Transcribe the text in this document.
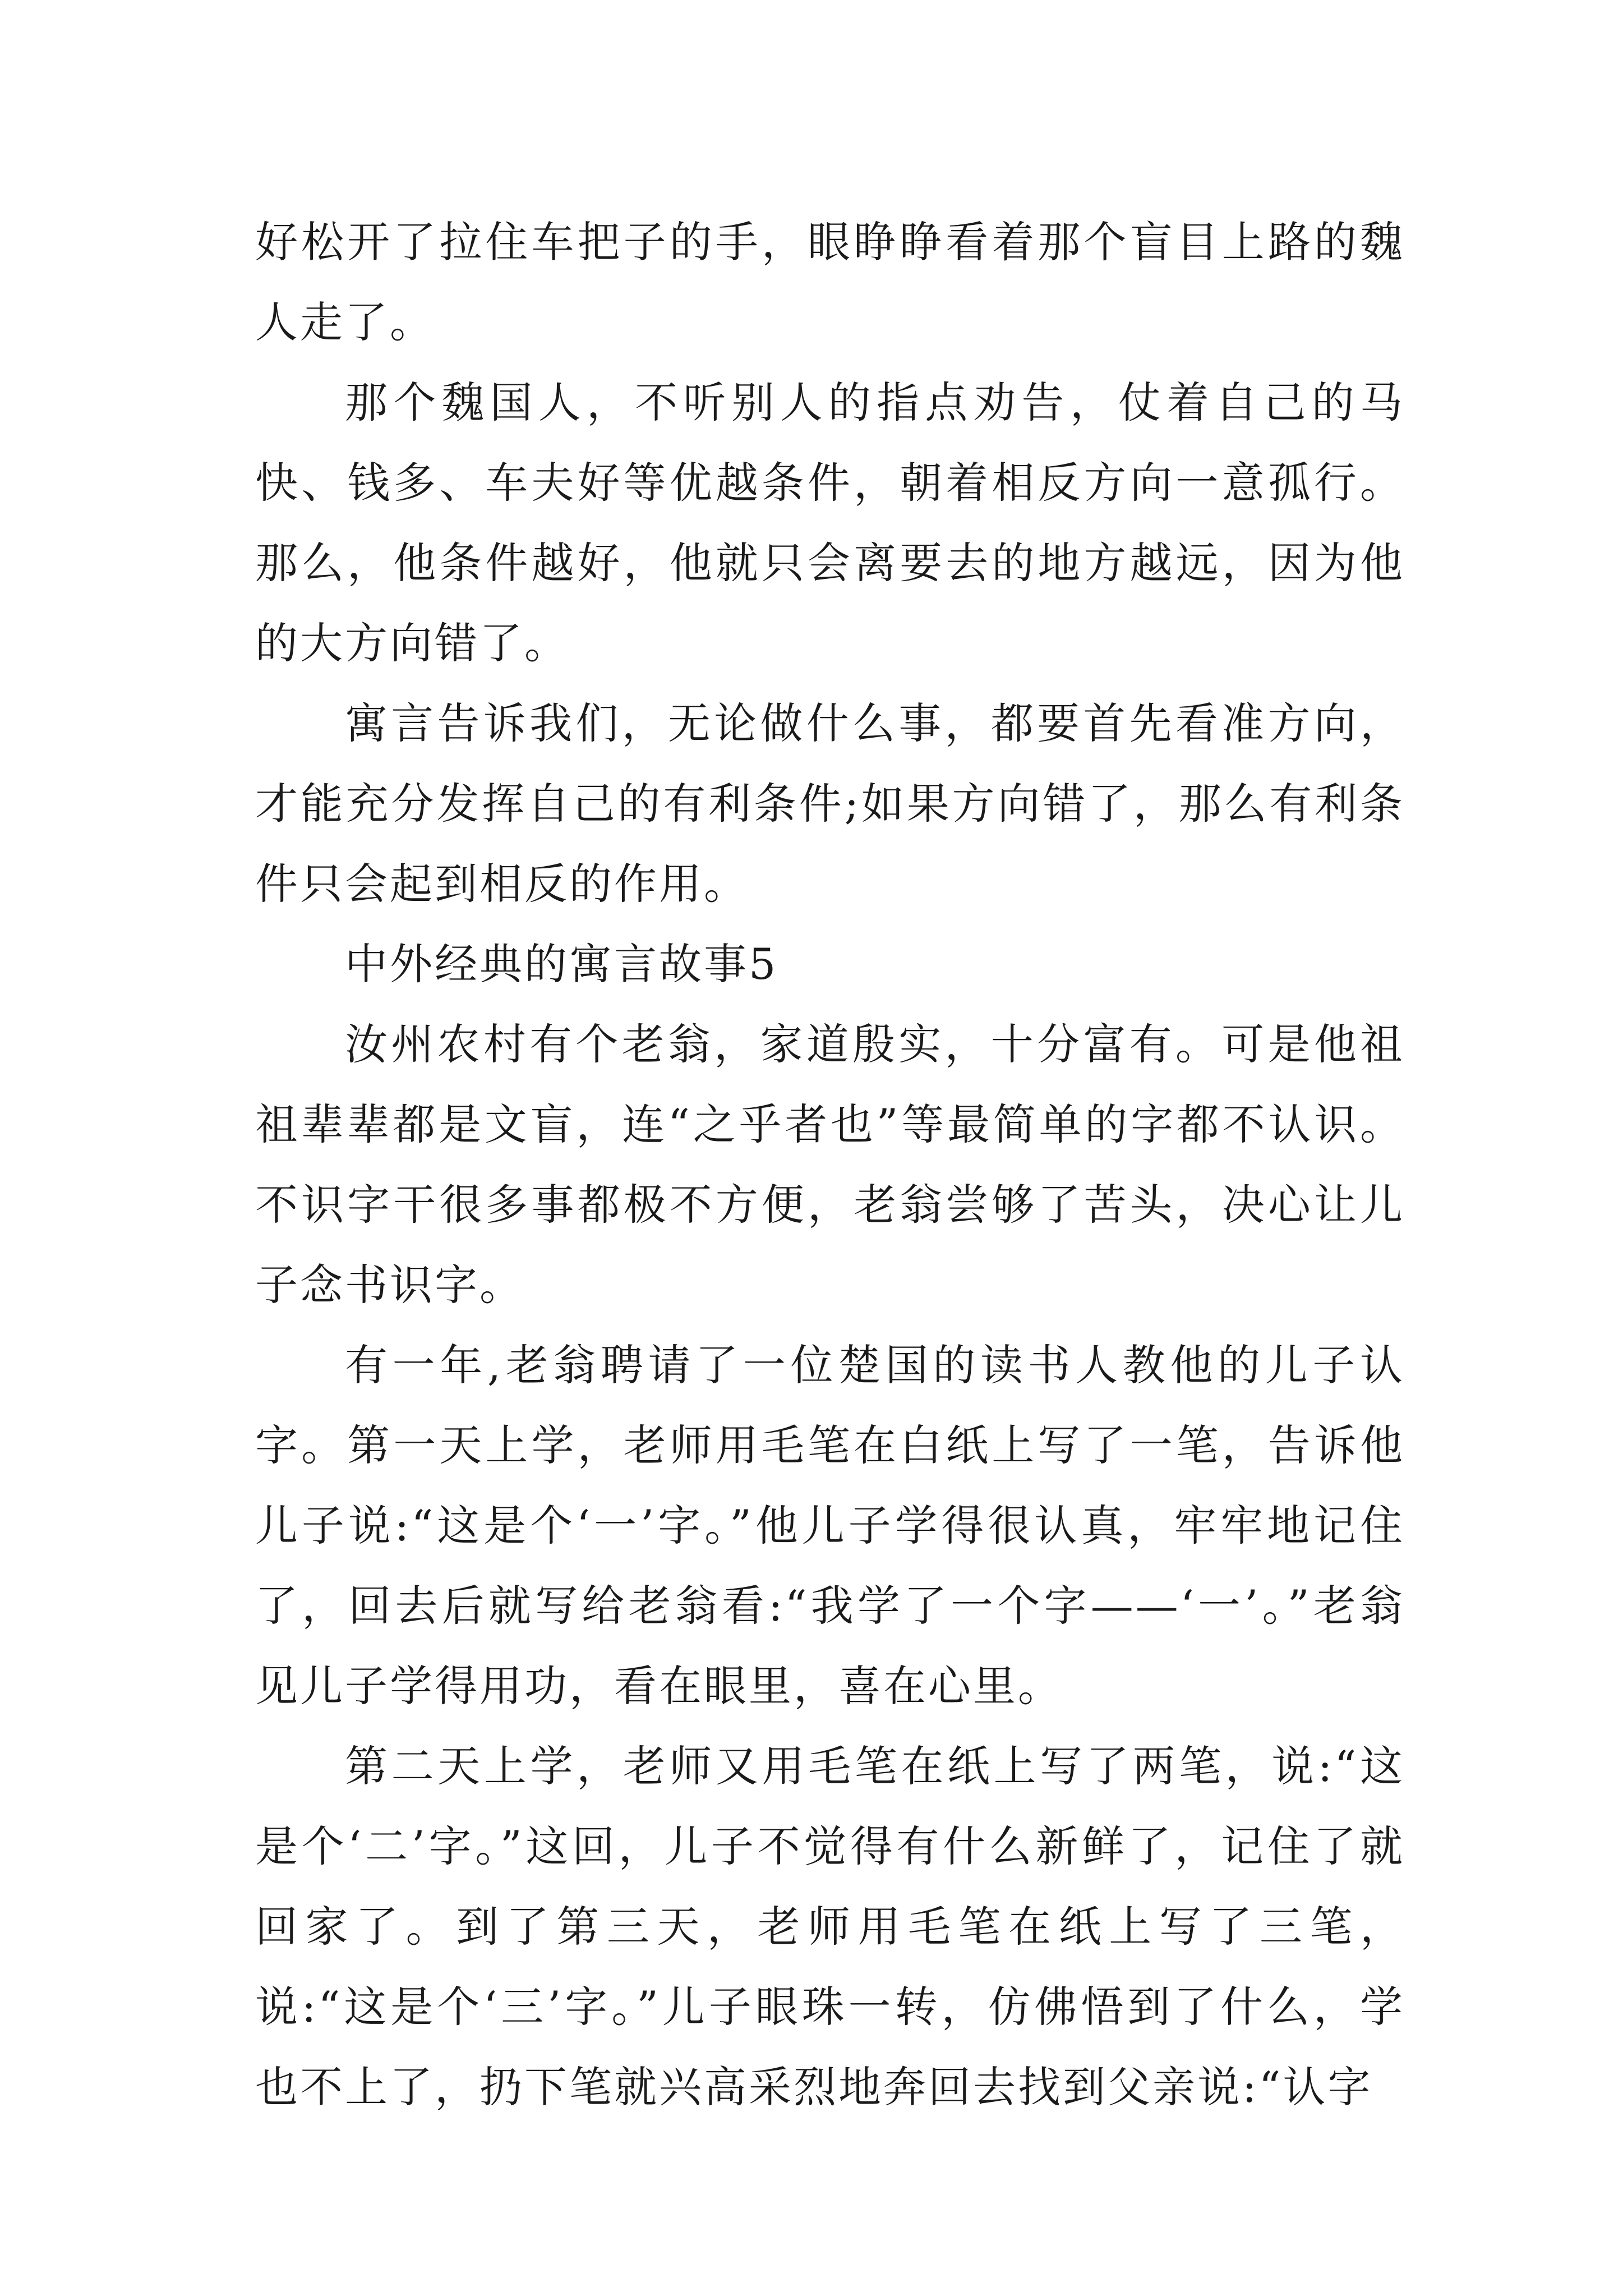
好松开了拉住车把子的手，眼睁睁看着那个盲目上路的魏人走了。

那个魏国人，不听别人的指点劝告，仗着自己的马快、钱多、车夫好等优越条件，朝着相反方向一意孤行。那么，他条件越好，他就只会离要去的地方越远，因为他的大方向错了。

寓言告诉我们，无论做什么事，都要首先看准方向，才能充分发挥自己的有利条件;如果方向错了，那么有利条件只会起到相反的作用。

中外经典的寓言故事5

汝州农村有个老翁，家道殷实，十分富有。可是他祖祖辈辈都是文盲，连“之乎者也”等最简单的字都不认识。不识字干很多事都极不方便，老翁尝够了苦头，决心让儿子念书识字。

有一年,老翁聘请了一位楚国的读书人教他的儿子认字。第一天上学，老师用毛笔在白纸上写了一笔，告诉他儿子说:“这是个‘一’字。”他儿子学得很认真，牢牢地记住了，回去后就写给老翁看:“我学了一个字——‘一’。”老翁见儿子学得用功，看在眼里，喜在心里。

第二天上学，老师又用毛笔在纸上写了两笔，说:“这是个‘二’字。”这回，儿子不觉得有什么新鲜了，记住了就回家了。到了第三天，老师用毛笔在纸上写了三笔，说:“这是个‘三’字。”儿子眼珠一转，仿佛悟到了什么，学也不上了，扔下笔就兴高采烈地奔回去找到父亲说:“认字
